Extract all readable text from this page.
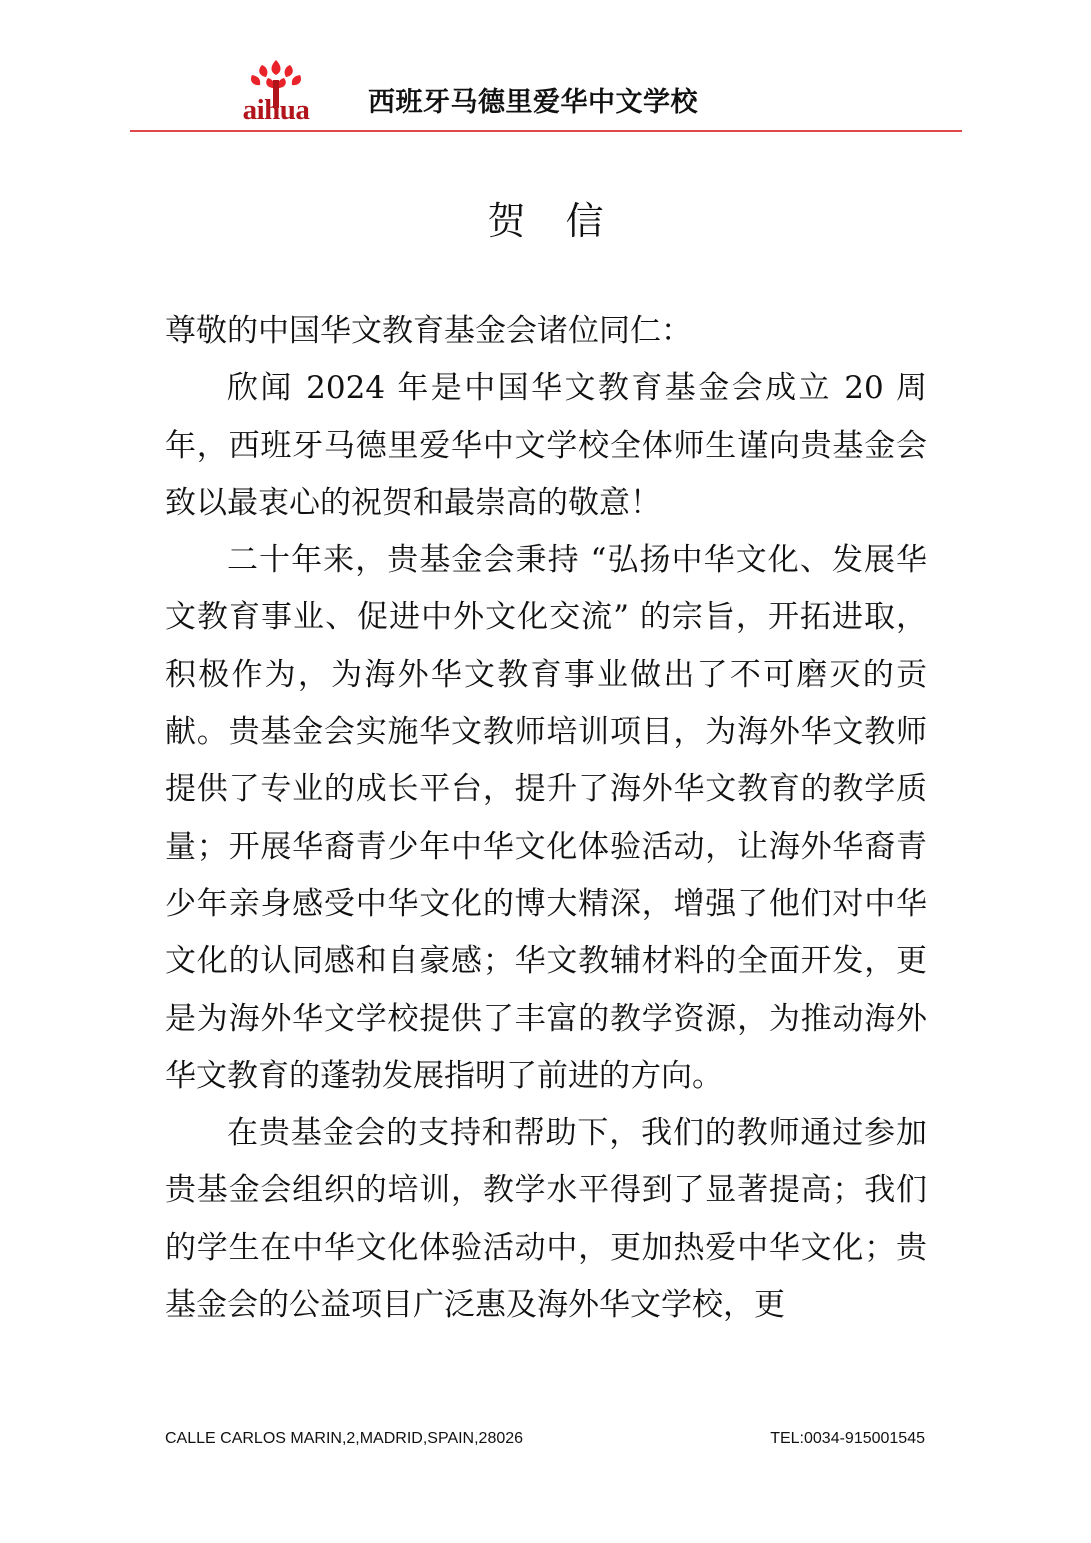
aihua	西班牙马德里爱华中文学校
贺信

尊敬的中国华文教育基金会诸位同仁：

欣闻 2024 年是中国华文教育基金会成立 20 周年，西班牙马德里爱华中文学校全体师生谨向贵基金会致以最衷心的祝贺和最崇高的敬意！

二十年来，贵基金会秉持 “弘扬中华文化、发展华文教育事业、促进中外文化交流” 的宗旨，开拓进取，积极作为，为海外华文教育事业做出了不可磨灭的贡献。贵基金会实施华文教师培训项目，为海外华文教师提供了专业的成长平台，提升了海外华文教育的教学质量；开展华裔青少年中华文化体验活动，让海外华裔青少年亲身感受中华文化的博大精深，增强了他们对中华文化的认同感和自豪感；华文教辅材料的全面开发，更是为海外华文学校提供了丰富的教学资源，为推动海外华文教育的蓬勃发展指明了前进的方向。

在贵基金会的支持和帮助下，我们的教师通过参加贵基金会组织的培训，教学水平得到了显著提高；我们的学生在中华文化体验活动中，更加热爱中华文化；贵基金会的公益项目广泛惠及海外华文学校，更

CALLE CARLOS MARIN,2,MADRID,SPAIN,28026	TEL:0034-915001545
